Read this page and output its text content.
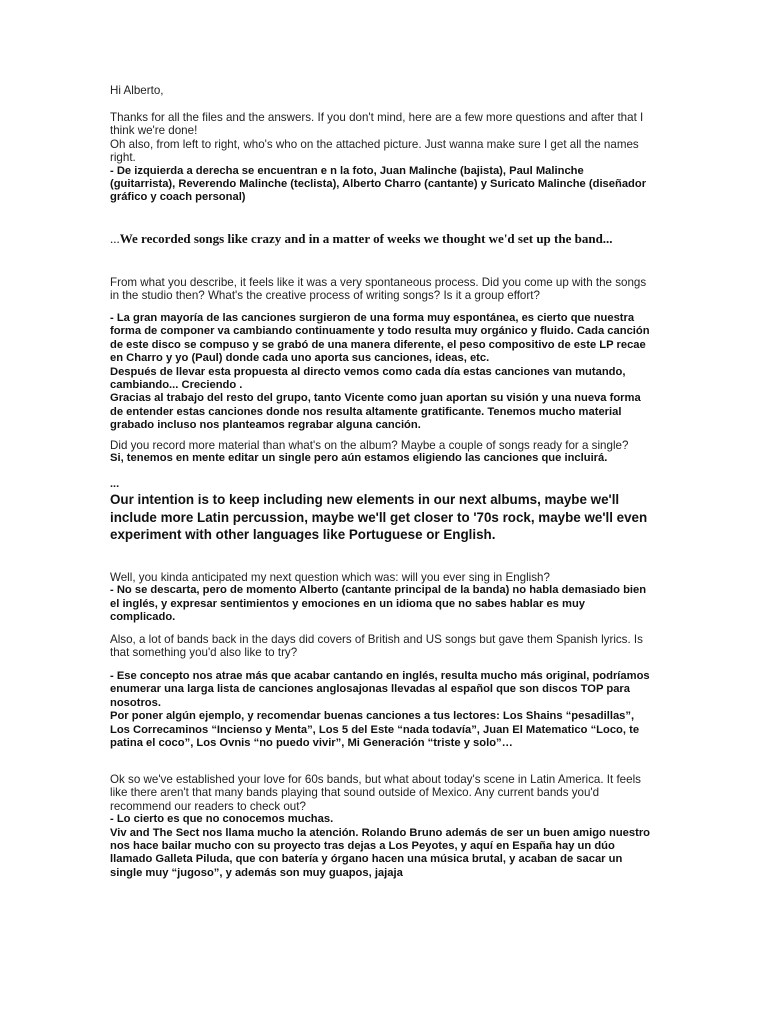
Hi Alberto,

Thanks for all the files and the answers. If you don't mind, here are a few more questions and after that I think we're done!

Oh also, from left to right, who's who on the attached picture. Just wanna make sure I get all the names right.

- De izquierda a derecha se encuentran e n la foto, Juan Malinche (bajista), Paul Malinche (guitarrista), Reverendo Malinche (teclista), Alberto Charro (cantante) y Suricato Malinche (diseñador gráfico y coach personal)

...We recorded songs like crazy and in a matter of weeks we thought we'd set up the band...

From what you describe, it feels like it was a very spontaneous process. Did you come up with the songs in the studio then? What's the creative process of writing songs? Is it a group effort?

- La gran mayoría de las canciones surgieron de una forma muy espontánea, es cierto que nuestra forma de componer va cambiando continuamente y todo resulta muy orgánico y fluido. Cada canción de este disco se compuso y se grabó de una manera diferente, el peso compositivo de este LP recae en Charro y yo (Paul) donde cada uno aporta sus canciones, ideas, etc.

Después de llevar esta propuesta al directo vemos como cada día estas canciones van mutando, cambiando... Creciendo .

Gracias al trabajo del resto del grupo, tanto Vicente como juan aportan su visión y una nueva forma de entender estas canciones donde nos resulta altamente gratificante. Tenemos mucho material grabado incluso nos planteamos regrabar alguna canción.

Did you record more material than what's on the album? Maybe a couple of songs ready for a single?

Si, tenemos en mente editar un single pero aún estamos eligiendo las canciones que incluirá.

...

Our intention is to keep including new elements in our next albums, maybe we'll include more Latin percussion, maybe we'll get closer to '70s rock, maybe we'll even experiment with other languages like Portuguese or English.

Well, you kinda anticipated my next question which was: will you ever sing in English?

- No se descarta, pero de momento Alberto (cantante principal de la banda) no habla demasiado bien el inglés, y expresar sentimientos y emociones en un idioma que no sabes hablar es muy complicado.

Also, a lot of bands back in the days did covers of British and US songs but gave them Spanish lyrics. Is that something you'd also like to try?

- Ese concepto nos atrae más que acabar cantando en inglés, resulta mucho más original, podríamos enumerar una larga lista de canciones anglosajonas llevadas al español que son discos TOP para nosotros.

Por poner algún ejemplo, y recomendar buenas canciones a tus lectores: Los Shains “pesadillas”, Los Correcaminos “Incienso y Menta”, Los 5 del Este “nada todavía”, Juan El Matematico “Loco, te patina el coco”, Los Ovnis “no puedo vivir”, Mi Generación “triste y solo”…

Ok so we've established your love for 60s bands, but what about today's scene in Latin America. It feels like there aren't that many bands playing that sound outside of Mexico. Any current bands you'd recommend our readers to check out?

- Lo cierto es que no conocemos muchas.

Viv and The Sect nos llama mucho la atención. Rolando Bruno además de ser un buen amigo nuestro nos hace bailar mucho con su proyecto tras dejas a Los Peyotes, y aquí en España hay un dúo llamado Galleta Piluda, que con batería y órgano hacen una música brutal, y acaban de sacar un single muy “jugoso”, y además son muy guapos, jajaja
